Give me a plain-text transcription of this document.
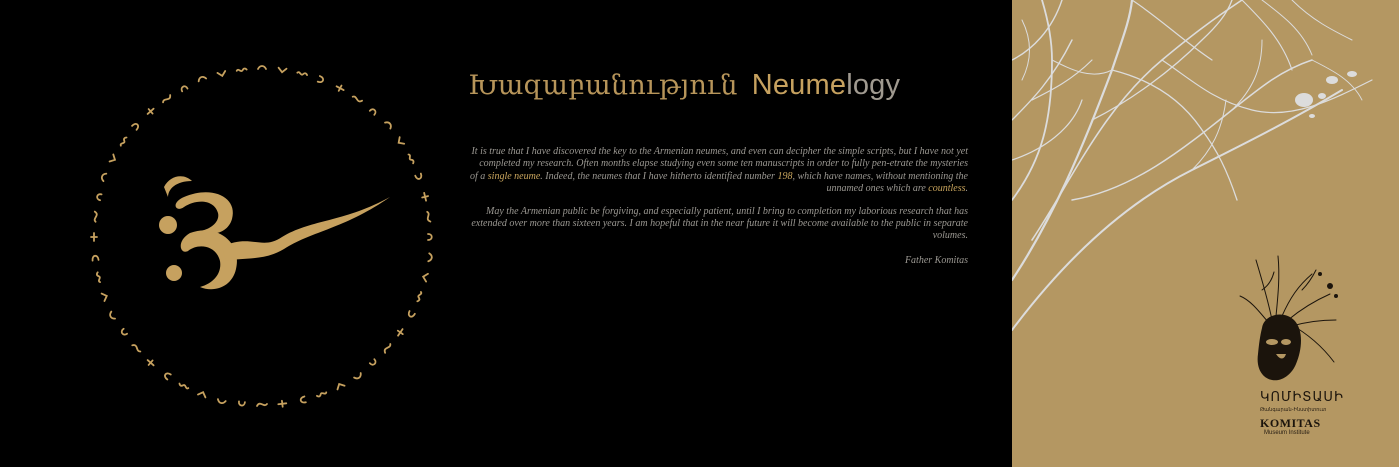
Խազաբանություն Neumelogy

It is true that I have discovered the key to the Armenian neumes, and even can decipher the simple scripts, but I have not yet completed my research. Often months elapse studying even some ten manuscripts in order to fully pen-etrate the mysteries of a single neume. Indeed, the neumes that I have hitherto identified number 198, which have names, without mentioning the unnamed ones which are countless.

May the Armenian public be forgiving, and especially patient, until I bring to completion my laborious research that has extended over more than sixteen years. I am hopeful that in the near future it will become available to the public in separate volumes.

Father Komitas

ԿՈՄԻՏԱՍԻ
Թանգարան-Ինստիտուտ
KOMITAS
Museum Institute
